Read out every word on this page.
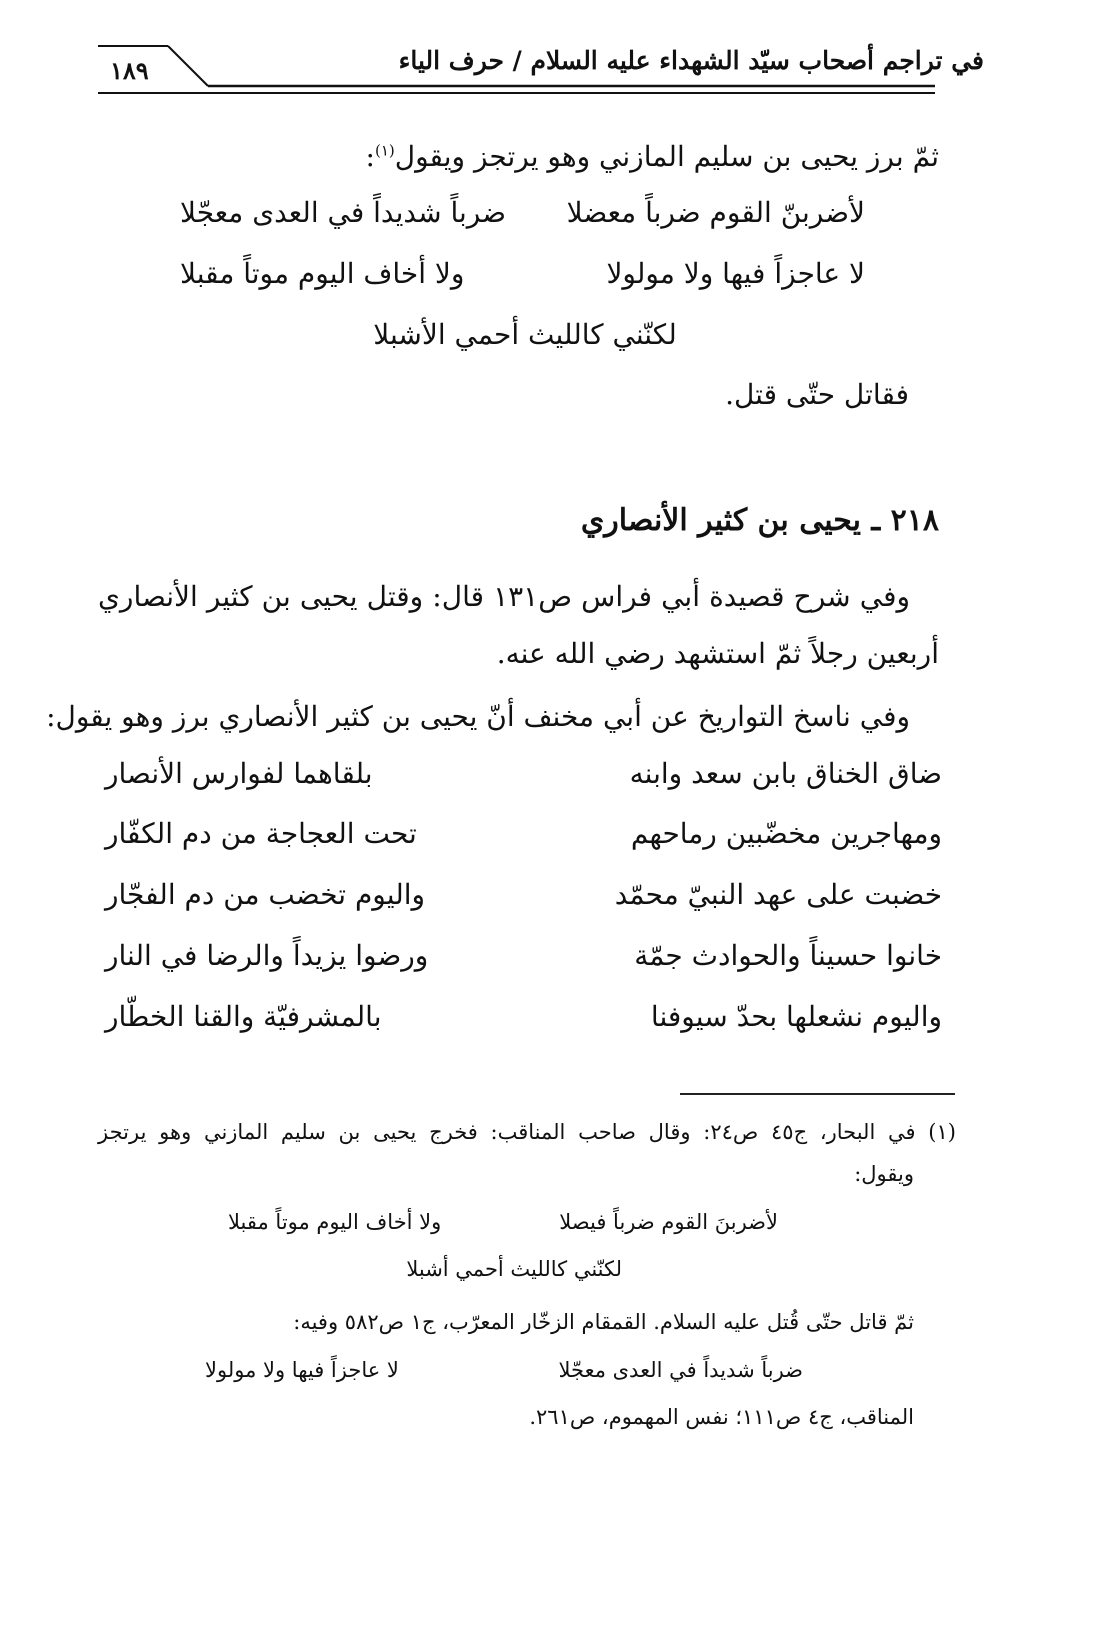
١٨٩	في تراجم أصحاب سيّد الشهداء عليه السلام / حرف الياء
ثمّ برز يحيى بن سليم المازني وهو يرتجز ويقول$^{(١)}$:
لأضربنّ القوم ضرباً معضلا
ضرباً شديداً في العدى معجّلا
لا عاجزاً فيها ولا مولولا
ولا أخاف اليوم موتاً مقبلا
لكنّني كالليث أحمي الأشبلا
فقاتل حتّى قتل.
٢١٨ ـ يحيى بن كثير الأنصاري
وفي شرح قصيدة أبي فراس ص١٣١ قال: وقتل يحيى بن كثير الأنصاري
أربعين رجلاً ثمّ استشهد رضي الله عنه.
وفي ناسخ التواريخ عن أبي مخنف أنّ يحيى بن كثير الأنصاري برز وهو يقول:
ضاق الخناق بابن سعد وابنه
بلقاهما لفوارس الأنصار
ومهاجرين مخضّبين رماحهم
تحت العجاجة من دم الكفّار
خضبت على عهد النبيّ محمّد
واليوم تخضب من دم الفجّار
خانوا حسيناً والحوادث جمّة
ورضوا يزيداً والرضا في النار
واليوم نشعلها بحدّ سيوفنا
بالمشرفيّة والقنا الخطّار
(١) في البحار، ج٤٥ ص٢٤: وقال صاحب المناقب: فخرج يحيى بن سليم المازني وهو يرتجز
ويقول:
لأضربنَ القوم ضرباً فيصلا
ولا أخاف اليوم موتاً مقبلا
لكنّني كالليث أحمي أشبلا
ثمّ قاتل حتّى قُتل عليه السلام. القمقام الزخّار المعرّب، ج١ ص٥٨٢ وفيه:
ضرباً شديداً في العدى معجّلا
لا عاجزاً فيها ولا مولولا
المناقب، ج٤ ص١١١؛ نفس المهموم، ص٢٦١.
